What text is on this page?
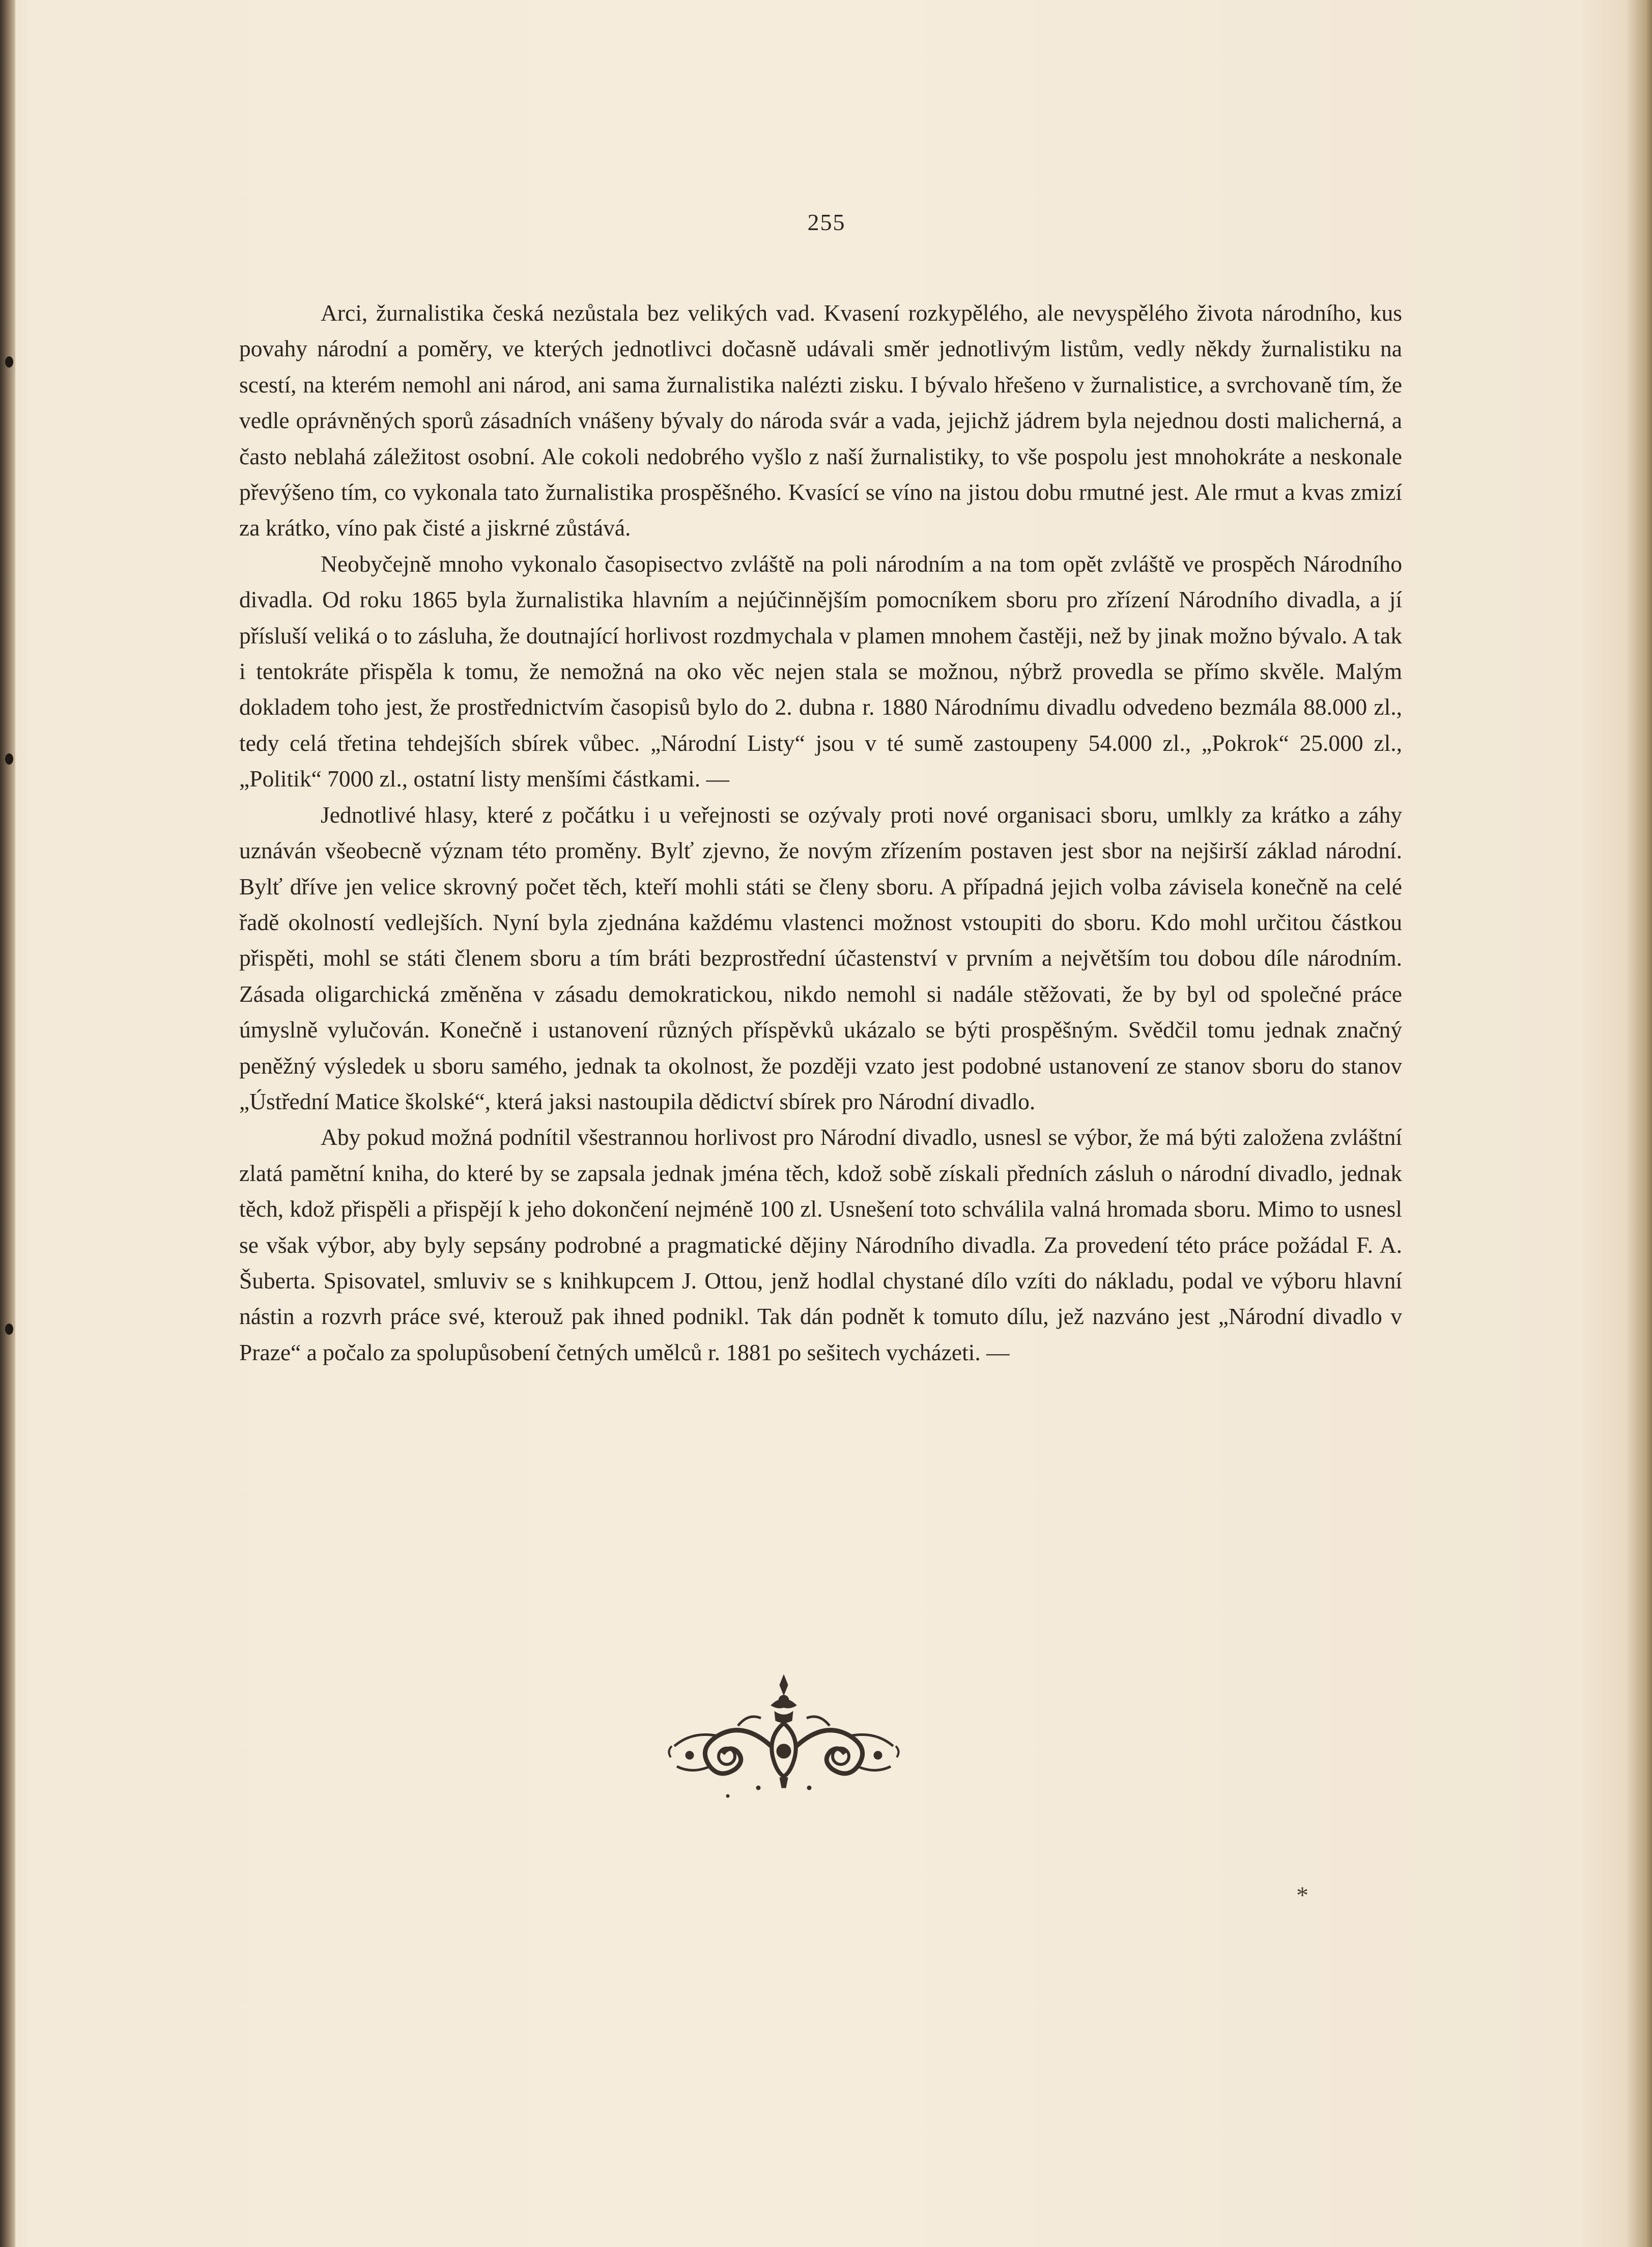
255

Arci, žurnalistika česká nezůstala bez velikých vad. Kvasení rozkypělého, ale nevyspělého života národního, kus povahy národní a poměry, ve kterých jednotlivci dočasně udávali směr jednotlivým listům, vedly někdy žurnalistiku na scestí, na kterém nemohl ani národ, ani sama žurnalistika nalézti zisku. I bývalo hřešeno v žurnalistice, a svrchovaně tím, že vedle oprávněných sporů zásadních vnášeny bývaly do národa svár a vada, jejichž jádrem byla nejednou dosti malicherná, a často neblahá záležitost osobní. Ale cokoli nedobrého vyšlo z naší žurnalistiky, to vše pospolu jest mnohokráte a neskonale převýšeno tím, co vykonala tato žurnalistika prospěšného. Kvasící se víno na jistou dobu rmutné jest. Ale rmut a kvas zmizí za krátko, víno pak čisté a jiskrné zůstává.

Neobyčejně mnoho vykonalo časopisectvo zvláště na poli národním a na tom opět zvláště ve prospěch Národního divadla. Od roku 1865 byla žurnalistika hlavním a nejúčinnějším pomocníkem sboru pro zřízení Národního divadla, a jí přísluší veliká o to zásluha, že doutnající horlivost rozdmychala v plamen mnohem častěji, než by jinak možno bývalo. A tak i tentokráte přispěla k tomu, že nemožná na oko věc nejen stala se možnou, nýbrž provedla se přímo skvěle. Malým dokladem toho jest, že prostřednictvím časopisů bylo do 2. dubna r. 1880 Národnímu divadlu odvedeno bezmála 88.000 zl., tedy celá třetina tehdejších sbírek vůbec. „Národní Listy“ jsou v té sumě zastoupeny 54.000 zl., „Pokrok“ 25.000 zl., „Politik“ 7000 zl., ostatní listy menšími částkami. —

Jednotlivé hlasy, které z počátku i u veřejnosti se ozývaly proti nové organisaci sboru, umlkly za krátko a záhy uznáván všeobecně význam této proměny. Bylť zjevno, že novým zřízením postaven jest sbor na nejširší základ národní. Bylť dříve jen velice skrovný počet těch, kteří mohli státi se členy sboru. A případná jejich volba závisela konečně na celé řadě okolností vedlejších. Nyní byla zjednána každému vlastenci možnost vstoupiti do sboru. Kdo mohl určitou částkou přispěti, mohl se státi členem sboru a tím bráti bezprostřední účastenství v prvním a největším tou dobou díle národním. Zásada oligarchická změněna v zásadu demokratickou, nikdo nemohl si nadále stěžovati, že by byl od společné práce úmyslně vylučován. Konečně i ustanovení různých příspěvků ukázalo se býti prospěšným. Svědčil tomu jednak značný peněžný výsledek u sboru samého, jednak ta okolnost, že později vzato jest podobné ustanovení ze stanov sboru do stanov „Ústřední Matice školské“, která jaksi nastoupila dědictví sbírek pro Národní divadlo.

Aby pokud možná podnítil všestrannou horlivost pro Národní divadlo, usnesl se výbor, že má býti založena zvláštní zlatá pamětní kniha, do které by se zapsala jednak jména těch, kdož sobě získali předních zásluh o národní divadlo, jednak těch, kdož přispěli a přispějí k jeho dokončení nejméně 100 zl. Usnešení toto schválila valná hromada sboru. Mimo to usnesl se však výbor, aby byly sepsány podrobné a pragmatické dějiny Národního divadla. Za provedení této práce požádal F. A. Šuberta. Spisovatel, smluviv se s knihkupcem J. Ottou, jenž hodlal chystané dílo vzíti do nákladu, podal ve výboru hlavní nástin a rozvrh práce své, kterouž pak ihned podnikl. Tak dán podnět k tomuto dílu, jež nazváno jest „Národní divadlo v Praze“ a počalo za spolupůsobení četných umělců r. 1881 po sešitech vycházeti. —

*
